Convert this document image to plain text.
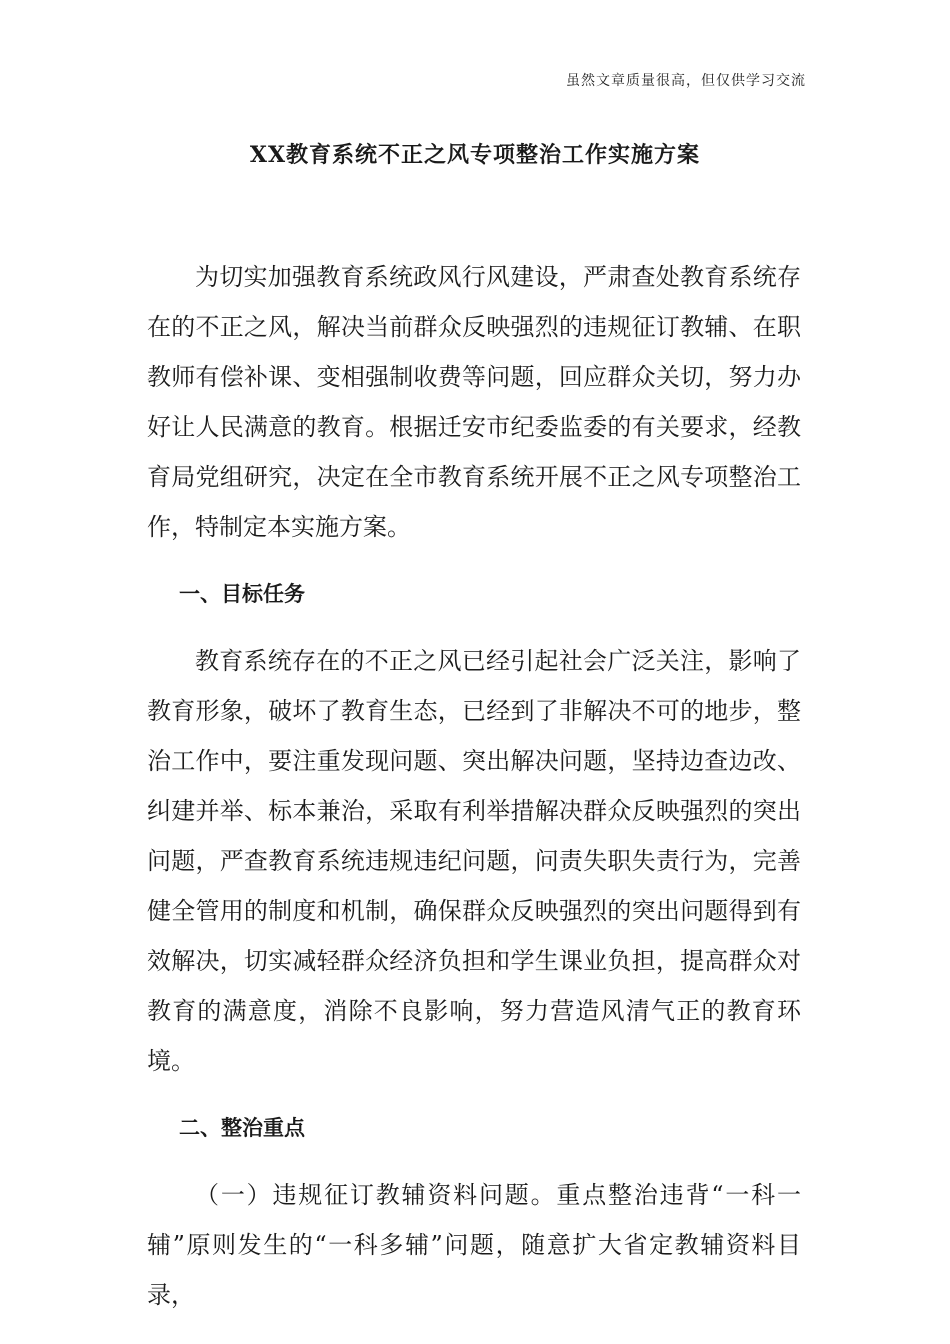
虽然文章质量很高，但仅供学习交流
XX教育系统不正之风专项整治工作实施方案

为切实加强教育系统政风行风建设，严肃查处教育系统存在的不正之风，解决当前群众反映强烈的违规征订教辅、在职教师有偿补课、变相强制收费等问题，回应群众关切，努力办好让人民满意的教育。根据迁安市纪委监委的有关要求，经教育局党组研究，决定在全市教育系统开展不正之风专项整治工作，特制定本实施方案。

一、目标任务

教育系统存在的不正之风已经引起社会广泛关注，影响了教育形象，破坏了教育生态，已经到了非解决不可的地步，整治工作中，要注重发现问题、突出解决问题，坚持边查边改、纠建并举、标本兼治，采取有利举措解决群众反映强烈的突出问题，严查教育系统违规违纪问题，问责失职失责行为，完善健全管用的制度和机制，确保群众反映强烈的突出问题得到有效解决，切实减轻群众经济负担和学生课业负担，提高群众对教育的满意度，消除不良影响，努力营造风清气正的教育环境。

二、整治重点

（一）违规征订教辅资料问题。重点整治违背“一科一辅”原则发生的“一科多辅”问题，随意扩大省定教辅资料目录，
